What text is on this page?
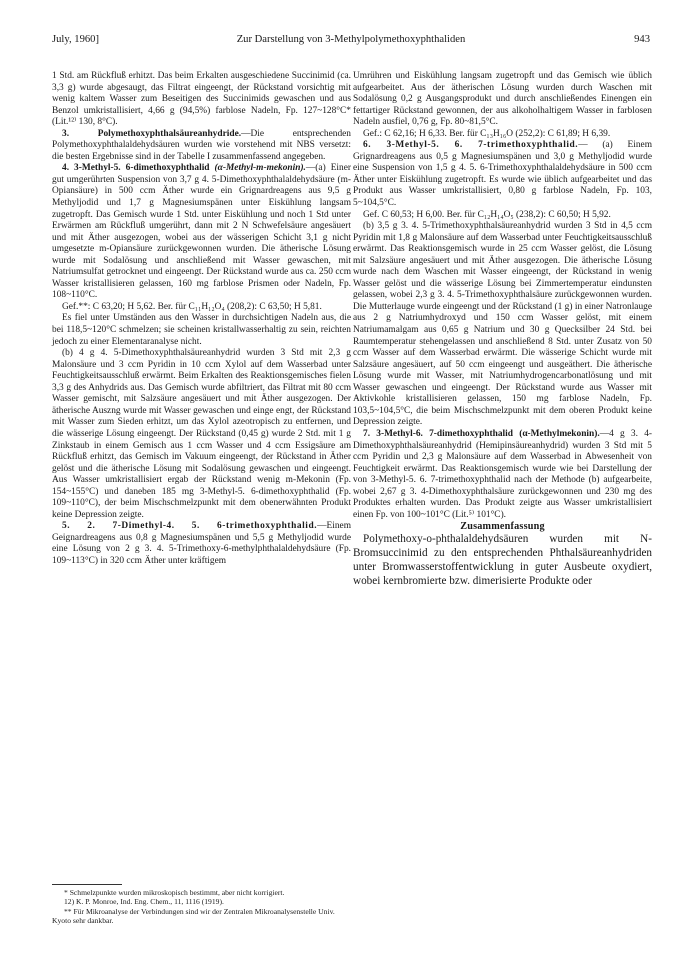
July, 1960]	Zur Darstellung von 3-Methylpolymethoxyphthaliden	943

1 Std. am Rückfluß erhitzt. Das beim Erkalten ausgeschiedene Succinimid (ca. 3,3 g) wurde abgesaugt, das Filtrat eingeengt, der Rückstand vorsichtig mit wenig kaltem Wasser zum Beseitigen des Succinimids gewaschen und aus Benzol umkristallisiert, 4,66 g (94,5%) farblose Nadeln, Fp. 127~128°C* (Lit.¹²⁾ 130, 8°C).

3. Polymethoxyphthalsäureanhydride.—Die entsprechenden Polymethoxyphthalaldehydsäuren wurden wie vorstehend mit NBS versetzt: die besten Ergebnisse sind in der Tabelle I zusammenfassend angegeben.

4. 3-Methyl-5. 6-dimethoxyphthalid (α-Methyl-m-mekonin).—(a) Einer gut umgerührten Suspension von 3,7 g 4. 5-Dimethoxyphthalaldehydsäure (m-Opiansäure) in 500 ccm Äther wurde ein Grignardreagens aus 9,5 g Methyljodid und 1,7 g Magnesiumspänen unter Eiskühlung langsam zugetropft. Das Gemisch wurde 1 Std. unter Eiskühlung und noch 1 Std unter Erwärmen am Rückfluß umgerührt, dann mit 2 N Schwefelsäure angesäuert und mit Äther ausgezogen, wobei aus der wässerigen Schicht 3,1 g nicht umgesetzte m-Opiansäure zurückgewonnen wurden. Die ätherische Lösung wurde mit Sodalösung und anschließend mit Wasser gewaschen, mit Natriumsulfat getrocknet und eingeengt. Der Rückstand wurde aus ca. 250 ccm Wasser kristallisieren gelassen, 160 mg farblose Prismen oder Nadeln, Fp. 108~110°C.

Gef.**: C 63,20; H 5,62. Ber. für C₁₁H₁₂O₄ (208,2): C 63,50; H 5,81.

Es fiel unter Umständen aus den Wasser in durchsichtigen Nadeln aus, die bei 118,5~120°C schmelzen; sie scheinen kristallwasserhaltig zu sein, reichten jedoch zu einer Elementaranalyse nicht.

(b) 4 g 4. 5-Dimethoxyphthalsäureanhydrid wurden 3 Std mit 2,3 g Malonsäure und 3 ccm Pyridin in 10 ccm Xylol auf dem Wasserbad unter Feuchtigkeitsausschluß erwärmt. Beim Erkalten des Reaktionsgemisches fielen 3,3 g des Anhydrids aus. Das Gemisch wurde abfiltriert, das Filtrat mit 80 ccm Wasser gemischt, mit Salzsäure angesäuert und mit Äther ausgezogen. Der ätherische Auszng wurde mit Wasser gewaschen und einge engt, der Rückstand mit Wasser zum Sieden erhitzt, um das Xylol azeotropisch zu entfernen, und die wässerige Lösung eingeengt. Der Rückstand (0,45 g) wurde 2 Std. mit 1 g Zinkstaub in einem Gemisch aus 1 ccm Wasser und 4 ccm Essigsäure am Rückfluß erhitzt, das Gemisch im Vakuum eingeengt, der Rückstand in Äther gelöst und die ätherische Lösung mit Sodalösung gewaschen und eingeengt. Aus Wasser umkristallisiert ergab der Rückstand wenig m-Mekonin (Fp. 154~155°C) und daneben 185 mg 3-Methyl-5. 6-dimethoxyphthalid (Fp. 109~110°C), der beim Mischschmelzpunkt mit dem obenerwähnten Produkt keine Depression zeigte.

5. 2. 7-Dimethyl-4. 5. 6-trimethoxyphthalid.—Einem Geignardreagens aus 0,8 g Magnesiumspänen und 5,5 g Methyljodid wurde eine Lösung von 2 g 3. 4. 5-Trimethoxy-6-methylphthalaldehydsäure (Fp. 109~113°C) in 320 ccm Äther unter kräftigem

* Schmelzpunkte wurden mikroskopisch bestimmt, aber nicht korrigiert.

12) K. P. Monroe, Ind. Eng. Chem., 11, 1116 (1919).

** Für Mikroanalyse der Verbindungen sind wir der Zentralen Mikroanalysenstelle Univ. Kyoto sehr dankbar.

Umrühren und Eiskühlung langsam zugetropft und das Gemisch wie üblich aufgearbeitet. Aus der ätherischen Lösung wurden durch Waschen mit Sodalösung 0,2 g Ausgangsprodukt und durch anschließendes Einengen ein fettartiger Rückstand gewonnen, der aus alkoholhaltigem Wasser in farblosen Nadeln ausfiel, 0,76 g, Fp. 80~81,5°C.

Gef.: C 62,16; H 6,33. Ber. für C₁₃H₁₆O (252,2): C 61,89; H 6,39.

6. 3-Methyl-5. 6. 7-trimethoxyphthalid.— (a) Einem Grignardreagens aus 0,5 g Magnesiumspänen und 3,0 g Methyljodid wurde eine Suspension von 1,5 g 4. 5. 6-Trimethoxyphthalaldehydsäure in 500 ccm Äther unter Eiskühlung zugetropft. Es wurde wie üblich aufgearbeitet und das Produkt aus Wasser umkristallisiert, 0,80 g farblose Nadeln, Fp. 103, 5~104,5°C.

Gef. C 60,53; H 6,00. Ber. für C₁₂H₁₄O₅ (238,2): C 60,50; H 5,92.

(b) 3,5 g 3. 4. 5-Trimethoxyphthalsäureanhydrid wurden 3 Std in 4,5 ccm Pyridin mit 1,8 g Malonsäure auf dem Wasserbad unter Feuchtigkeitsausschluß erwärmt. Das Reaktionsgemisch wurde in 25 ccm Wasser gelöst, die Lösung mit Salzsäure angesäuert und mit Äther ausgezogen. Die ätherische Lösung wurde nach dem Waschen mit Wasser eingeengt, der Rückstand in wenig Wasser gelöst und die wässerige Lösung bei Zimmertemperatur eindunsten gelassen, wobei 2,3 g 3. 4. 5-Trimethoxyphthalsäure zurückgewonnen wurden. Die Mutterlauge wurde eingeengt und der Rückstand (1 g) in einer Natronlauge aus 2 g Natriumhydroxyd und 150 ccm Wasser gelöst, mit einem Natriumamalgam aus 0,65 g Natrium und 30 g Quecksilber 24 Std. bei Raumtemperatur stehengelassen und anschließend 8 Std. unter Zusatz von 50 ccm Wasser auf dem Wasserbad erwärmt. Die wässerige Schicht wurde mit Salzsäure angesäuert, auf 50 ccm eingeengt und ausgeäthert. Die ätherische Lösung wurde mit Wasser, mit Natriumhydrogencarbonatlösung und mit Wasser gewaschen und eingeengt. Der Rückstand wurde aus Wasser mit Aktivkohle kristallisieren gelassen, 150 mg farblose Nadeln, Fp. 103,5~104,5°C, die beim Mischschmelzpunkt mit dem oberen Produkt keine Depression zeigte.

7. 3-Methyl-6. 7-dimethoxyphthalid (α-Methylmekonin).—4 g 3. 4-Dimethoxyphthalsäureanhydrid (Hemipinsäureanhydrid) wurden 3 Std mit 5 ccm Pyridin und 2,3 g Malonsäure auf dem Wasserbad in Abwesenheit von Feuchtigkeit erwärmt. Das Reaktionsgemisch wurde wie bei Darstellung der von 3-Methyl-5. 6. 7-trimethoxyphthalid nach der Methode (b) aufgearbeite, wobei 2,67 g 3. 4-Dimethoxyphthalsäure zurückgewonnen und 230 mg des Produktes erhalten wurden. Das Produkt zeigte aus Wasser umkristallisiert einen Fp. von 100~101°C (Lit.⁵⁾ 101°C).

Zusammenfassung

Polymethoxy-o-phthalaldehydsäuren wurden mit N-Bromsuccinimid zu den entsprechenden Phthalsäureanhydriden unter Bromwasserstoffentwicklung in guter Ausbeute oxydiert, wobei kernbromierte bzw. dimerisierte Produkte oder
